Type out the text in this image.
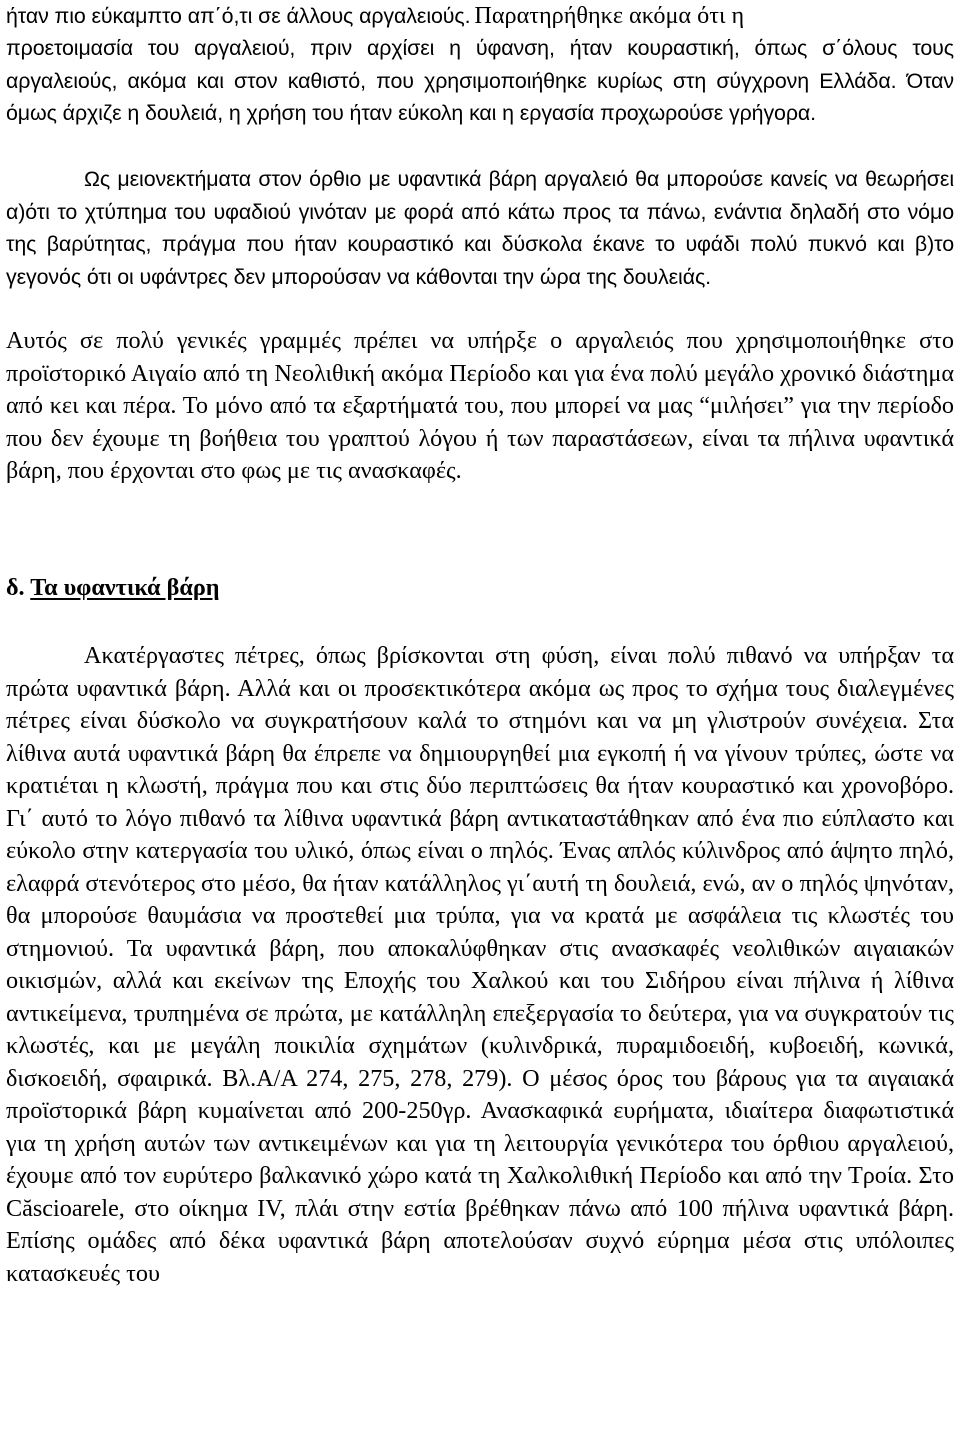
ήταν πιο εύκαμπτο απ΄ό,τι σε άλλους αργαλειούς. Παρατηρήθηκε ακόμα ότι η

προετοιμασία του αργαλειού, πριν αρχίσει η ύφανση, ήταν κουραστική, όπως σ΄όλους τους αργαλειούς, ακόμα και στον καθιστό, που χρησιμοποιήθηκε κυρίως στη σύγχρονη Ελλάδα. Όταν όμως άρχιζε η δουλειά, η χρήση του ήταν εύκολη και η εργασία προχωρούσε γρήγορα.

Ως μειονεκτήματα στον όρθιο με υφαντικά βάρη αργαλειό θα μπορούσε κανείς να θεωρήσει α)ότι το χτύπημα του υφαδιού γινόταν με φορά από κάτω προς τα πάνω, ενάντια δηλαδή στο νόμο της βαρύτητας, πράγμα που ήταν κουραστικό και δύσκολα έκανε το υφάδι πολύ πυκνό και β)το γεγονός ότι οι υφάντρες δεν μπορούσαν να κάθονται την ώρα της δουλειάς.

Αυτός σε πολύ γενικές γραμμές πρέπει να υπήρξε ο αργαλειός που χρησιμοποιήθηκε στο προϊστορικό Αιγαίο από τη Νεολιθική ακόμα Περίοδο και για ένα πολύ μεγάλο χρονικό διάστημα από κει και πέρα. Το μόνο από τα εξαρτήματά του, που μπορεί να μας “μιλήσει” για την περίοδο που δεν έχουμε τη βοήθεια του γραπτού λόγου ή των παραστάσεων, είναι τα πήλινα υφαντικά βάρη, που έρχονται στο φως με τις ανασκαφές.

δ. Τα υφαντικά βάρη

Ακατέργαστες πέτρες, όπως βρίσκονται στη φύση, είναι πολύ πιθανό να υπήρξαν τα πρώτα υφαντικά βάρη. Αλλά και οι προσεκτικότερα ακόμα ως προς το σχήμα τους διαλεγμένες πέτρες είναι δύσκολο να συγκρατήσουν καλά το στημόνι και να μη γλιστρούν συνέχεια. Στα λίθινα αυτά υφαντικά βάρη θα έπρεπε να δημιουργηθεί μια εγκοπή ή να γίνουν τρύπες, ώστε να κρατιέται η κλωστή, πράγμα που και στις δύο περιπτώσεις θα ήταν κουραστικό και χρονοβόρο. Γι΄ αυτό το λόγο πιθανό τα λίθινα υφαντικά βάρη αντικαταστάθηκαν από ένα πιο εύπλαστο και εύκολο στην κατεργασία του υλικό, όπως είναι ο πηλός. Ένας απλός κύλινδρος από άψητο πηλό, ελαφρά στενότερος στο μέσο, θα ήταν κατάλληλος γι΄αυτή τη δουλειά, ενώ, αν ο πηλός ψηνόταν, θα μπορούσε θαυμάσια να προστεθεί μια τρύπα, για να κρατά με ασφάλεια τις κλωστές του στημονιού. Τα υφαντικά βάρη, που αποκαλύφθηκαν στις ανασκαφές νεολιθικών αιγαιακών οικισμών, αλλά και εκείνων της Εποχής του Χαλκού και του Σιδήρου είναι πήλινα ή λίθινα αντικείμενα, τρυπημένα σε πρώτα, με κατάλληλη επεξεργασία το δεύτερα, για να συγκρατούν τις κλωστές, και με μεγάλη ποικιλία σχημάτων (κυλινδρικά, πυραμιδοειδή, κυβοειδή, κωνικά, δισκοειδή, σφαιρικά. Βλ.Α/Α 274, 275, 278, 279). Ο μέσος όρος του βάρους για τα αιγαιακά προϊστορικά βάρη κυμαίνεται από 200-250γρ. Ανασκαφικά ευρήματα, ιδιαίτερα διαφωτιστικά για τη χρήση αυτών των αντικειμένων και για τη λειτουργία γενικότερα του όρθιου αργαλειού, έχουμε από τον ευρύτερο βαλκανικό χώρο κατά τη Χαλκολιθική Περίοδο και από την Τροία. Στο Căsciοarele, στο οίκημα IV, πλάι στην εστία βρέθηκαν πάνω από 100 πήλινα υφαντικά βάρη. Επίσης ομάδες από δέκα υφαντικά βάρη αποτελούσαν συχνό εύρημα μέσα στις υπόλοιπες κατασκευές του
